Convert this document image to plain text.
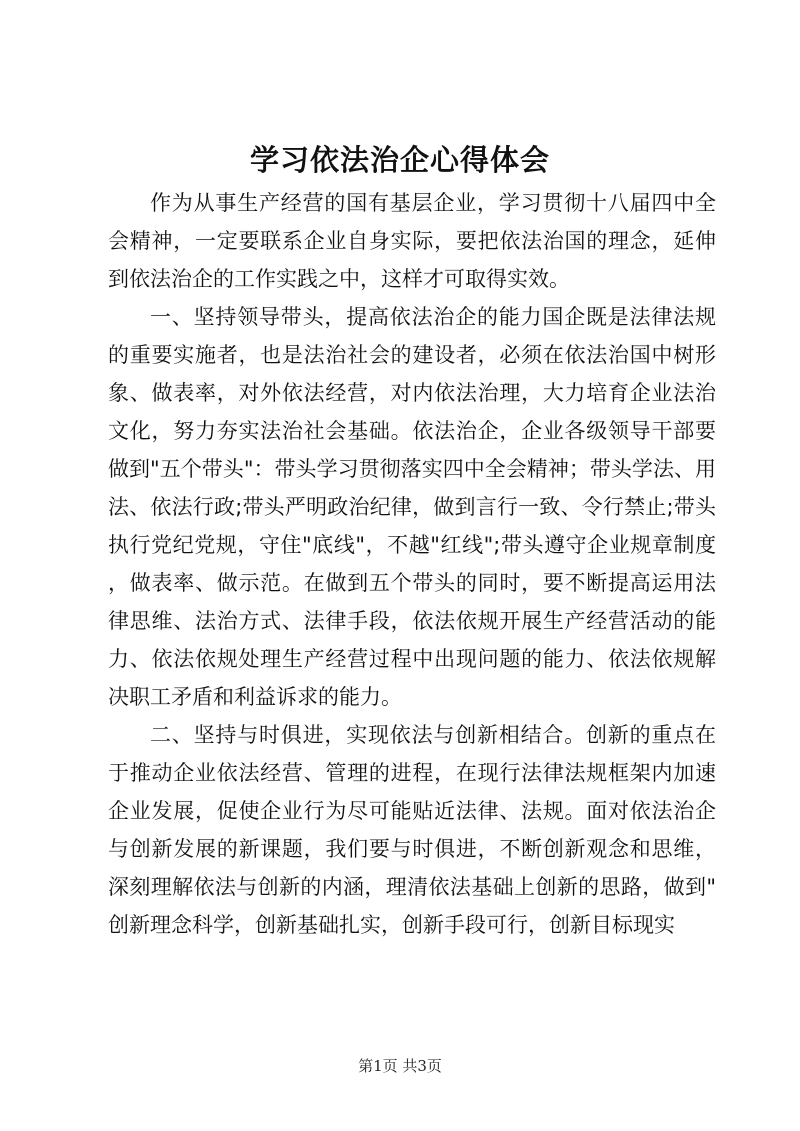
学习依法治企心得体会

作为从事生产经营的国有基层企业，学习贯彻十八届四中全会精神，一定要联系企业自身实际，要把依法治国的理念，延伸到依法治企的工作实践之中，这样才可取得实效。

一、坚持领导带头，提高依法治企的能力国企既是法律法规的重要实施者，也是法治社会的建设者，必须在依法治国中树形象、做表率，对外依法经营，对内依法治理，大力培育企业法治文化，努力夯实法治社会基础。依法治企，企业各级领导干部要做到"五个带头"：带头学习贯彻落实四中全会精神；带头学法、用法、依法行政;带头严明政治纪律，做到言行一致、令行禁止;带头执行党纪党规，守住"底线"，不越"红线";带头遵守企业规章制度，做表率、做示范。在做到五个带头的同时，要不断提高运用法律思维、法治方式、法律手段，依法依规开展生产经营活动的能力、依法依规处理生产经营过程中出现问题的能力、依法依规解决职工矛盾和利益诉求的能力。

二、坚持与时俱进，实现依法与创新相结合。创新的重点在于推动企业依法经营、管理的进程，在现行法律法规框架内加速企业发展，促使企业行为尽可能贴近法律、法规。面对依法治企与创新发展的新课题，我们要与时俱进，不断创新观念和思维，深刻理解依法与创新的内涵，理清依法基础上创新的思路，做到"创新理念科学，创新基础扎实，创新手段可行，创新目标现实

第1页 共3页
